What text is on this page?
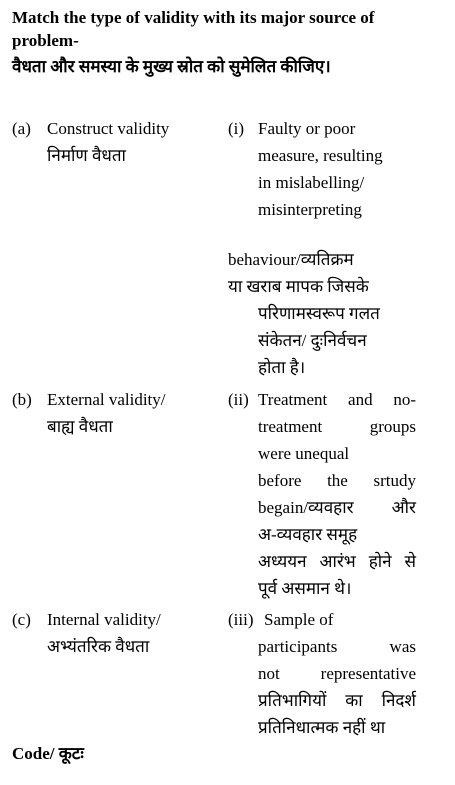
Match the type of validity with its major source of problem-
वैधता और समस्या के मुख्य स्रोत को सुमेलित कीजिए।
(a) Construct validity
निर्माण वैधता
(b) External validity/
बाह्य वैधता
(c) Internal validity/
अभ्यंतरिक वैधता
(i) Faulty or poor
measure, resulting
in mislabelling/
misinterpreting
behaviour/व्यतिक्रम
या खराब मापक जिसके
परिणामस्वरूप गलत
संकेतन/ दुःनिर्वचन
होता है।
(ii) Treatment and no-
treatment groups
were unequal
before the srtudy
begain/व्यवहार और
अ-व्यवहार समूह
अध्ययन आरंभ होने से
पूर्व असमान थे।
(iii) Sample of
participants was
not representative
प्रतिभागियों का निदर्श
प्रतिनिधात्मक नहीं था
Code/ कूटः
